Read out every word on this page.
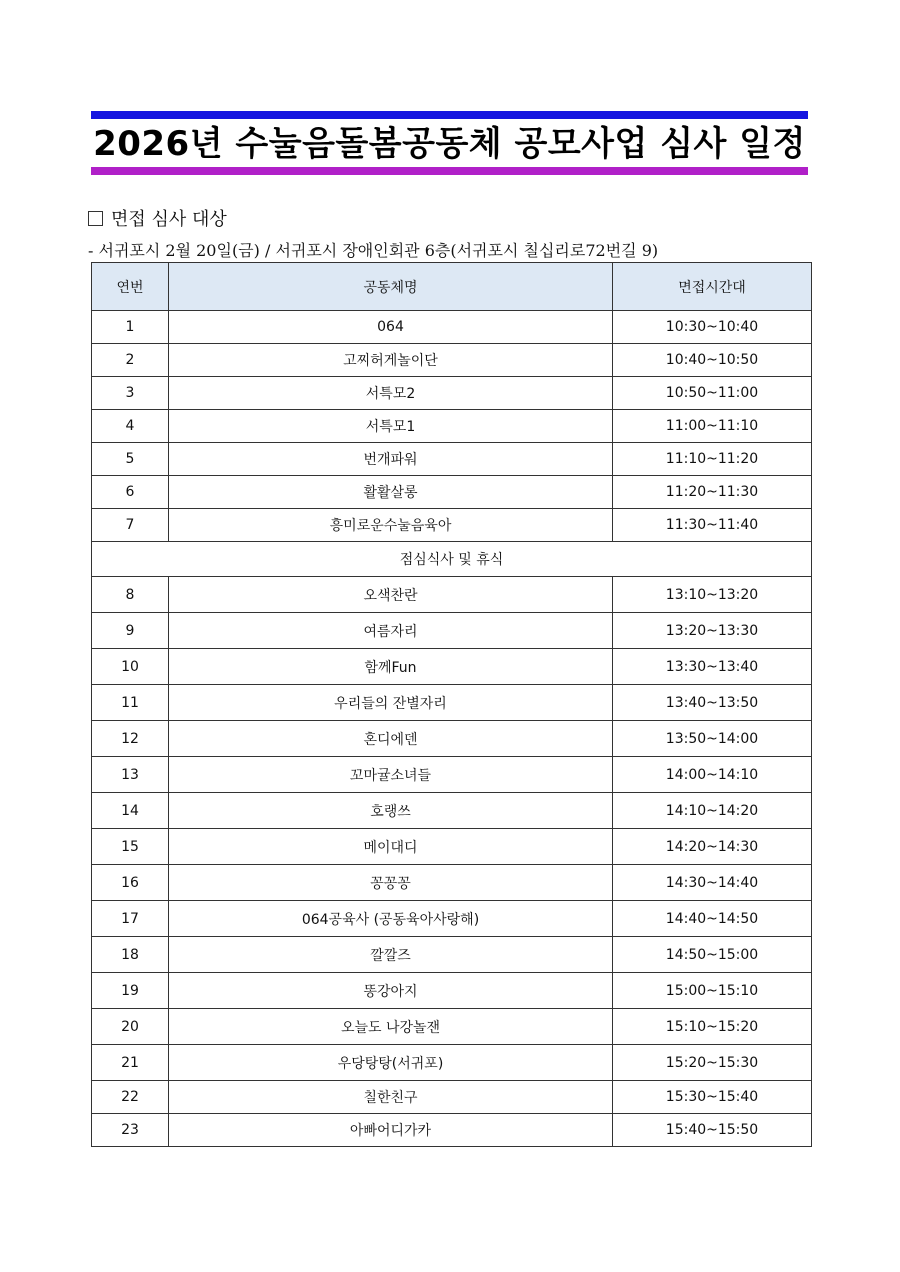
2026년 수눌음돌봄공동체 공모사업 심사 일정
면접 심사 대상
- 서귀포시 2월 20일(금) / 서귀포시 장애인회관 6층(서귀포시 칠십리로72번길 9)
연번	공동체명	면접시간대
1	064	10:30~10:40
2	고찌허게놀이단	10:40~10:50
3	서특모2	10:50~11:00
4	서특모1	11:00~11:10
5	번개파워	11:10~11:20
6	활활살롱	11:20~11:30
7	흥미로운수눌음육아	11:30~11:40
점심식사 및 휴식		
8	오색찬란	13:10~13:20
9	여름자리	13:20~13:30
10	함께Fun	13:30~13:40
11	우리들의 잔별자리	13:40~13:50
12	혼디에덴	13:50~14:00
13	꼬마귤소녀들	14:00~14:10
14	호랭쓰	14:10~14:20
15	메이대디	14:20~14:30
16	꽁꽁꽁	14:30~14:40
17	064공육사 (공동육아사랑해)	14:40~14:50
18	깔깔즈	14:50~15:00
19	똥강아지	15:00~15:10
20	오늘도 나강놀잰	15:10~15:20
21	우당탕탕(서귀포)	15:20~15:30
22	칠한친구	15:30~15:40
23	아빠어디가카	15:40~15:50
